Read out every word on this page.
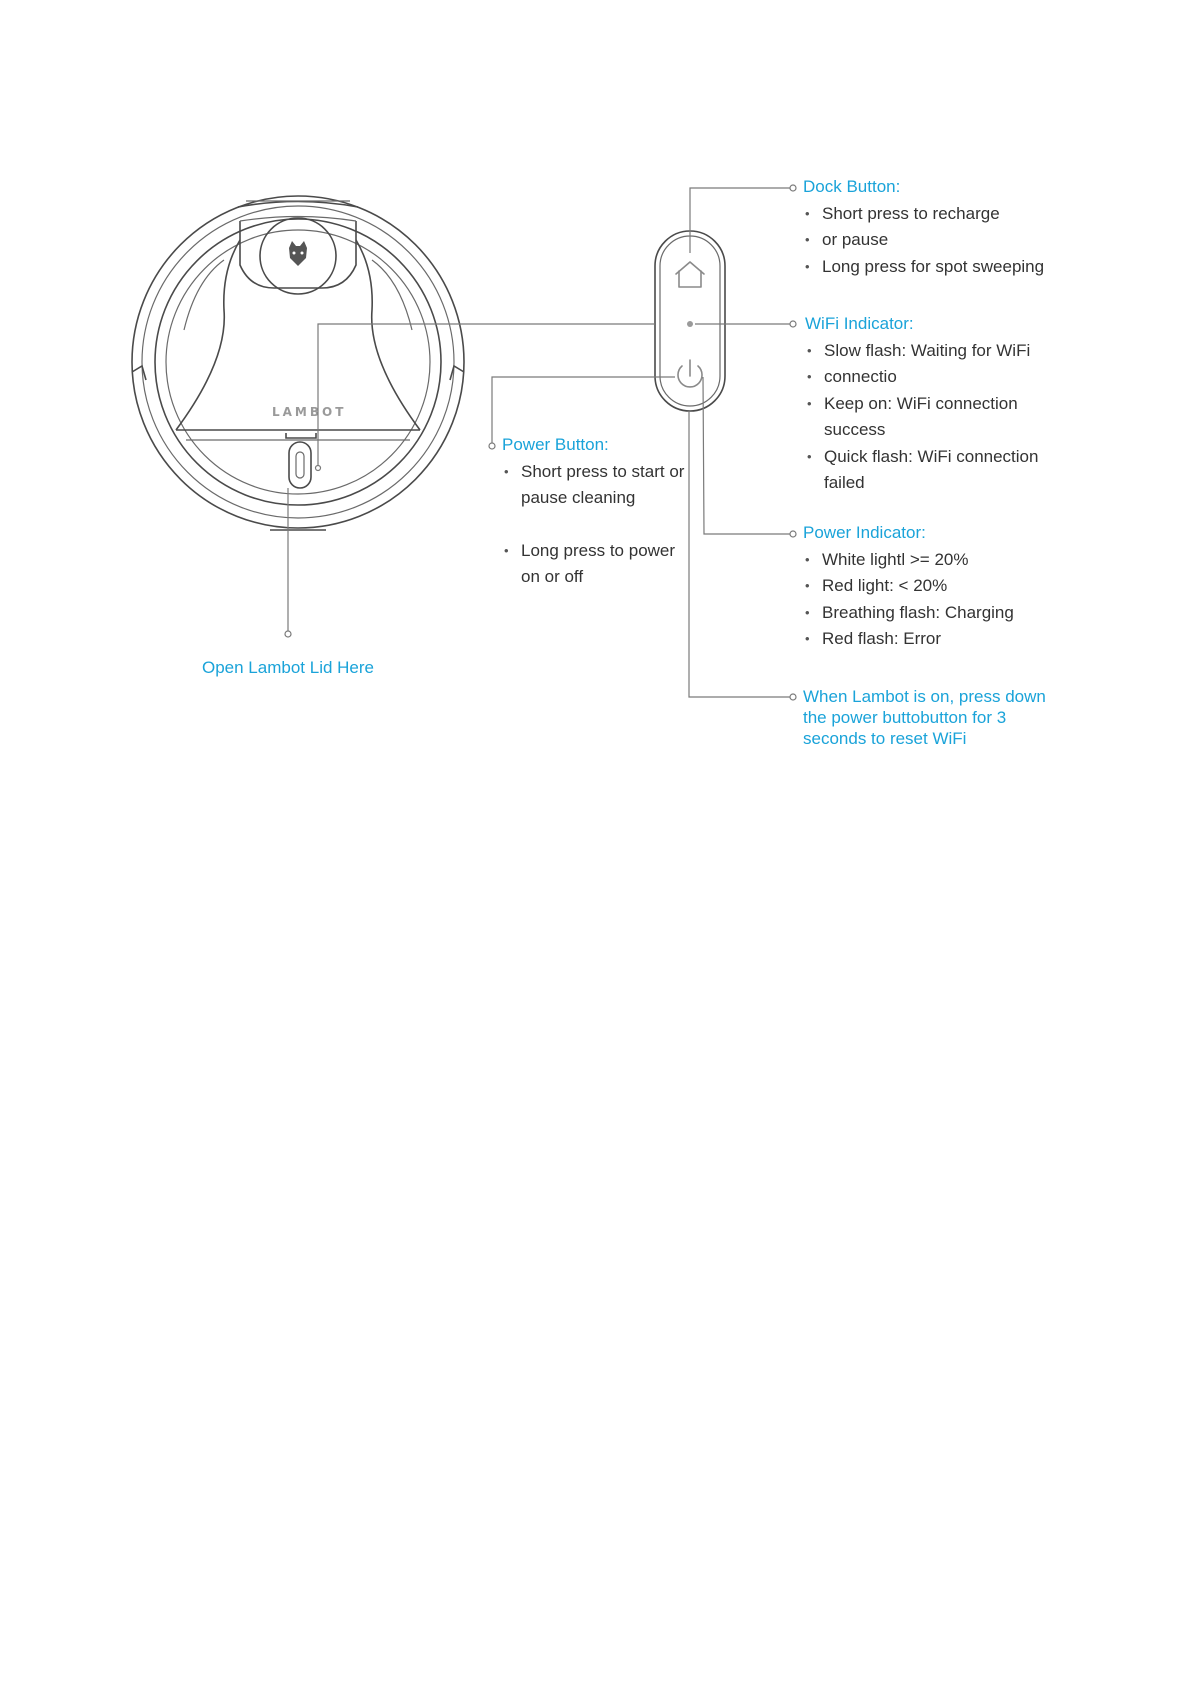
LAMBOT
Dock Button:
• Short press to recharge
• or pause
• Long press for spot sweeping
WiFi Indicator:
• Slow flash: Waiting for WiFi
• connectio
• Keep on: WiFi connection success
• Quick flash: WiFi connection failed
Power Button:
• Short press to start or pause cleaning
• Long press to power on or off
Power Indicator:
• White lightl >= 20%
• Red light: < 20%
• Breathing flash: Charging
• Red flash: Error
When Lambot is on, press down the power buttobutton for 3 seconds to reset WiFi
Open Lambot Lid Here
